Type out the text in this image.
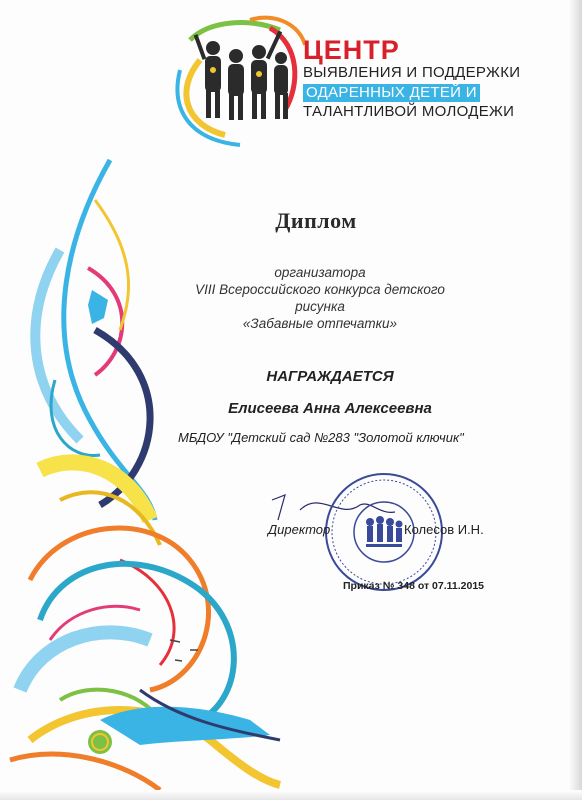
ЦЕНТР
ВЫЯВЛЕНИЯ И ПОДДЕРЖКИ
ОДАРЕННЫХ ДЕТЕЙ И
ТАЛАНТЛИВОЙ МОЛОДЕЖИ
Диплом
организатора
VIII Всероссийского конкурса детского
рисунка
«Забавные отпечатки»
НАГРАЖДАЕТСЯ
Елисеева Анна Алексеевна
МБДОУ "Детский сад №283 "Золотой ключик"
Директор	Колесов И.Н.
Приказ № 348 от 07.11.2015
